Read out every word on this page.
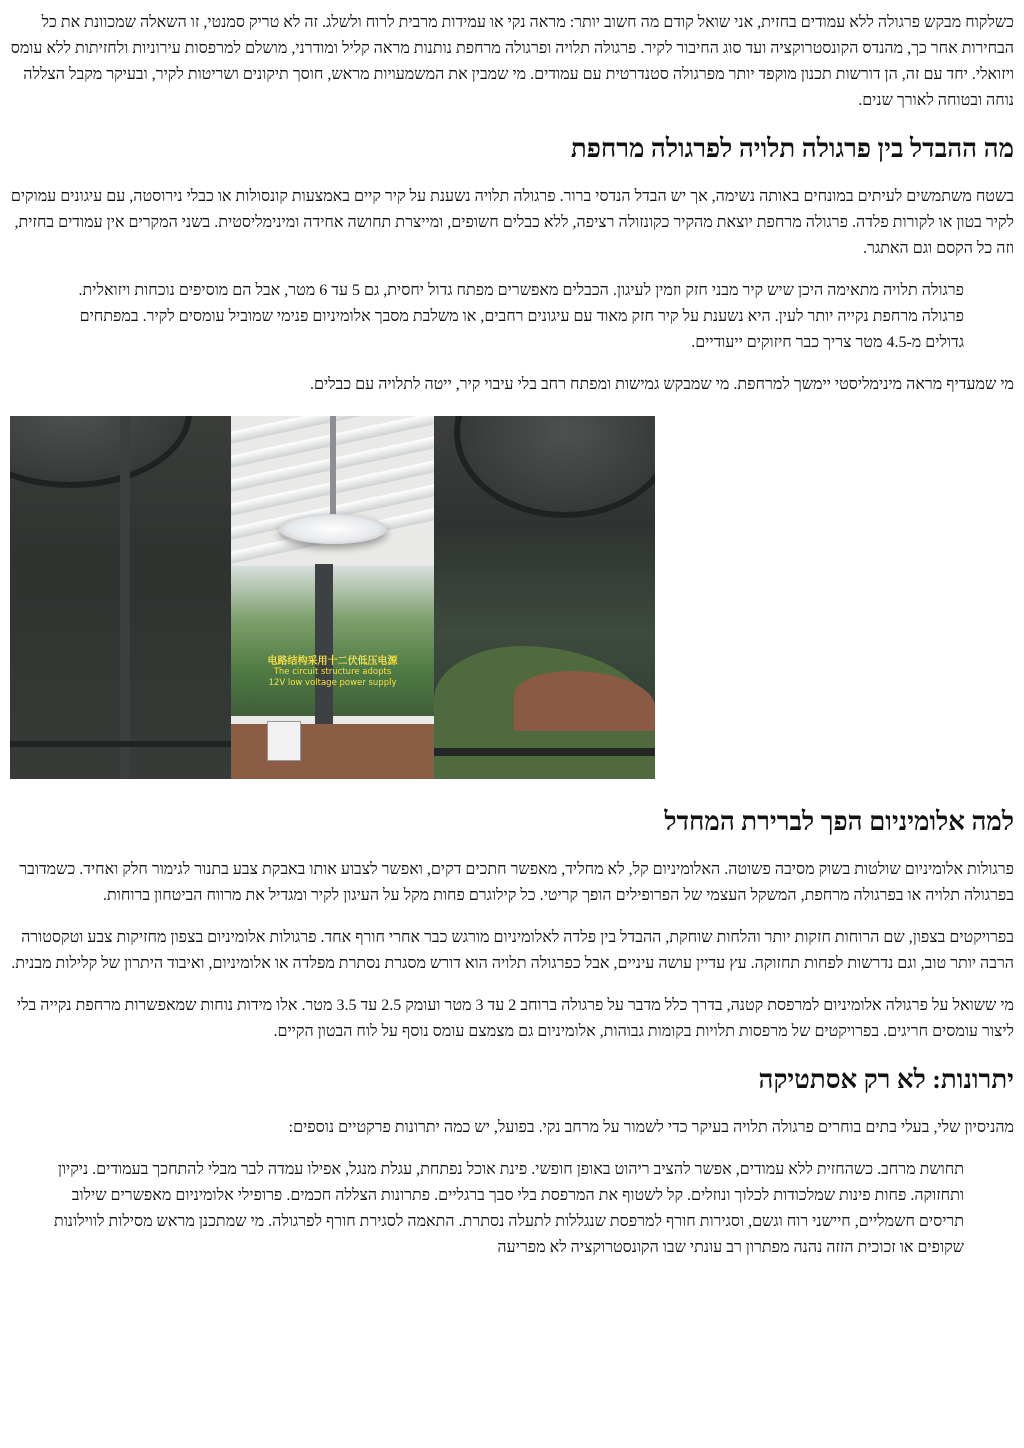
כשלקוח מבקש פרגולה ללא עמודים בחזית, אני שואל קודם מה חשוב יותר: מראה נקי או עמידות מרבית לרוח ולשלג. זה לא טריק סמנטי, זו השאלה שמכוונת את כל הבחירות אחר כך, מהנדס הקונסטרוקציה ועד סוג החיבור לקיר. פרגולה תלויה ופרגולה מרחפת נותנות מראה קליל ומודרני, מושלם למרפסות עירוניות ולחזיתות ללא עומס ויזואלי. יחד עם זה, הן דורשות תכנון מוקפד יותר מפרגולה סטנדרטית עם עמודים. מי שמבין את המשמעויות מראש, חוסך תיקונים ושריטות לקיר, ובעיקר מקבל הצללה נוחה ובטוחה לאורך שנים.

מה ההבדל בין פרגולה תלויה לפרגולה מרחפת

בשטח משתמשים לעיתים במונחים באותה נשימה, אך יש הבדל הנדסי ברור. פרגולה תלויה נשענת על קיר קיים באמצעות קונסולות או כבלי נירוסטה, עם עיגונים עמוקים לקיר בטון או לקורות פלדה. פרגולה מרחפת יוצאת מהקיר כקונזולה רציפה, ללא כבלים חשופים, ומייצרת תחושה אחידה ומינימליסטית. בשני המקרים אין עמודים בחזית, וזה כל הקסם וגם האתגר.

פרגולה תלויה מתאימה היכן שיש קיר מבני חזק וזמין לעיגון. הכבלים מאפשרים מפתח גדול יחסית, גם 5 עד 6 מטר, אבל הם מוסיפים נוכחות ויזואלית. פרגולה מרחפת נקייה יותר לעין. היא נשענת על קיר חזק מאוד עם עיגונים רחבים, או משלבת מסבך אלומיניום פנימי שמוביל עומסים לקיר. במפתחים גדולים מ-4.5 מטר צריך כבר חיזוקים ייעודיים.

מי שמעדיף מראה מינימליסטי יימשך למרחפת. מי שמבקש גמישות ומפתח רחב בלי עיבוי קיר, ייטה לתלויה עם כבלים.

电路结构采用十二伏低压电源
The circuit structure adopts
12V low voltage power supply
למה אלומיניום הפך לברירת המחדל

פרגולות אלומיניום שולטות בשוק מסיבה פשוטה. האלומיניום קל, לא מחליד, מאפשר חתכים דקים, ואפשר לצבוע אותו באבקת צבע בתנור לגימור חלק ואחיד. כשמדובר בפרגולה תלויה או בפרגולה מרחפת, המשקל העצמי של הפרופילים הופך קריטי. כל קילוגרם פחות מקל על העיגון לקיר ומגדיל את מרווח הביטחון ברוחות.

בפרויקטים בצפון, שם הרוחות חזקות יותר והלחות שוחקת, ההבדל בין פלדה לאלומיניום מורגש כבר אחרי חורף אחד. פרגולות אלומיניום בצפון מחזיקות צבע וטקסטורה הרבה יותר טוב, וגם נדרשות לפחות תחזוקה. עץ עדיין עושה עיניים, אבל כפרגולה תלויה הוא דורש מסגרת נסתרת מפלדה או אלומיניום, ואיבוד היתרון של קלילות מבנית.

מי ששואל על פרגולה אלומיניום למרפסת קטנה, בדרך כלל מדבר על פרגולה ברוחב 2 עד 3 מטר ועומק 2.5 עד 3.5 מטר. אלו מידות נוחות שמאפשרות מרחפת נקייה בלי ליצור עומסים חריגים. בפרויקטים של מרפסות תלויות בקומות גבוהות, אלומיניום גם מצמצם עומס נוסף על לוח הבטון הקיים.

יתרונות: לא רק אסתטיקה

מהניסיון שלי, בעלי בתים בוחרים פרגולה תלויה בעיקר כדי לשמור על מרחב נקי. בפועל, יש כמה יתרונות פרקטיים נוספים:

תחושת מרחב. כשהחזית ללא עמודים, אפשר להציב ריהוט באופן חופשי. פינת אוכל נפתחת, עגלת מנגל, אפילו עמדה לבר מבלי להתחכך בעמודים. ניקיון ותחזוקה. פחות פינות שמלכודות לכלוך ונוזלים. קל לשטוף את המרפסת בלי סבך ברגליים. פתרונות הצללה חכמים. פרופילי אלומיניום מאפשרים שילוב תריסים חשמליים, חיישני רוח וגשם, וסגירות חורף למרפסת שנגללות לתעלה נסתרת. התאמה לסגירת חורף לפרגולה. מי שמתכנן מראש מסילות לווילונות שקופים או זכוכית הזזה נהנה מפתרון רב עונתי שבו הקונסטרוקציה לא מפריעה
